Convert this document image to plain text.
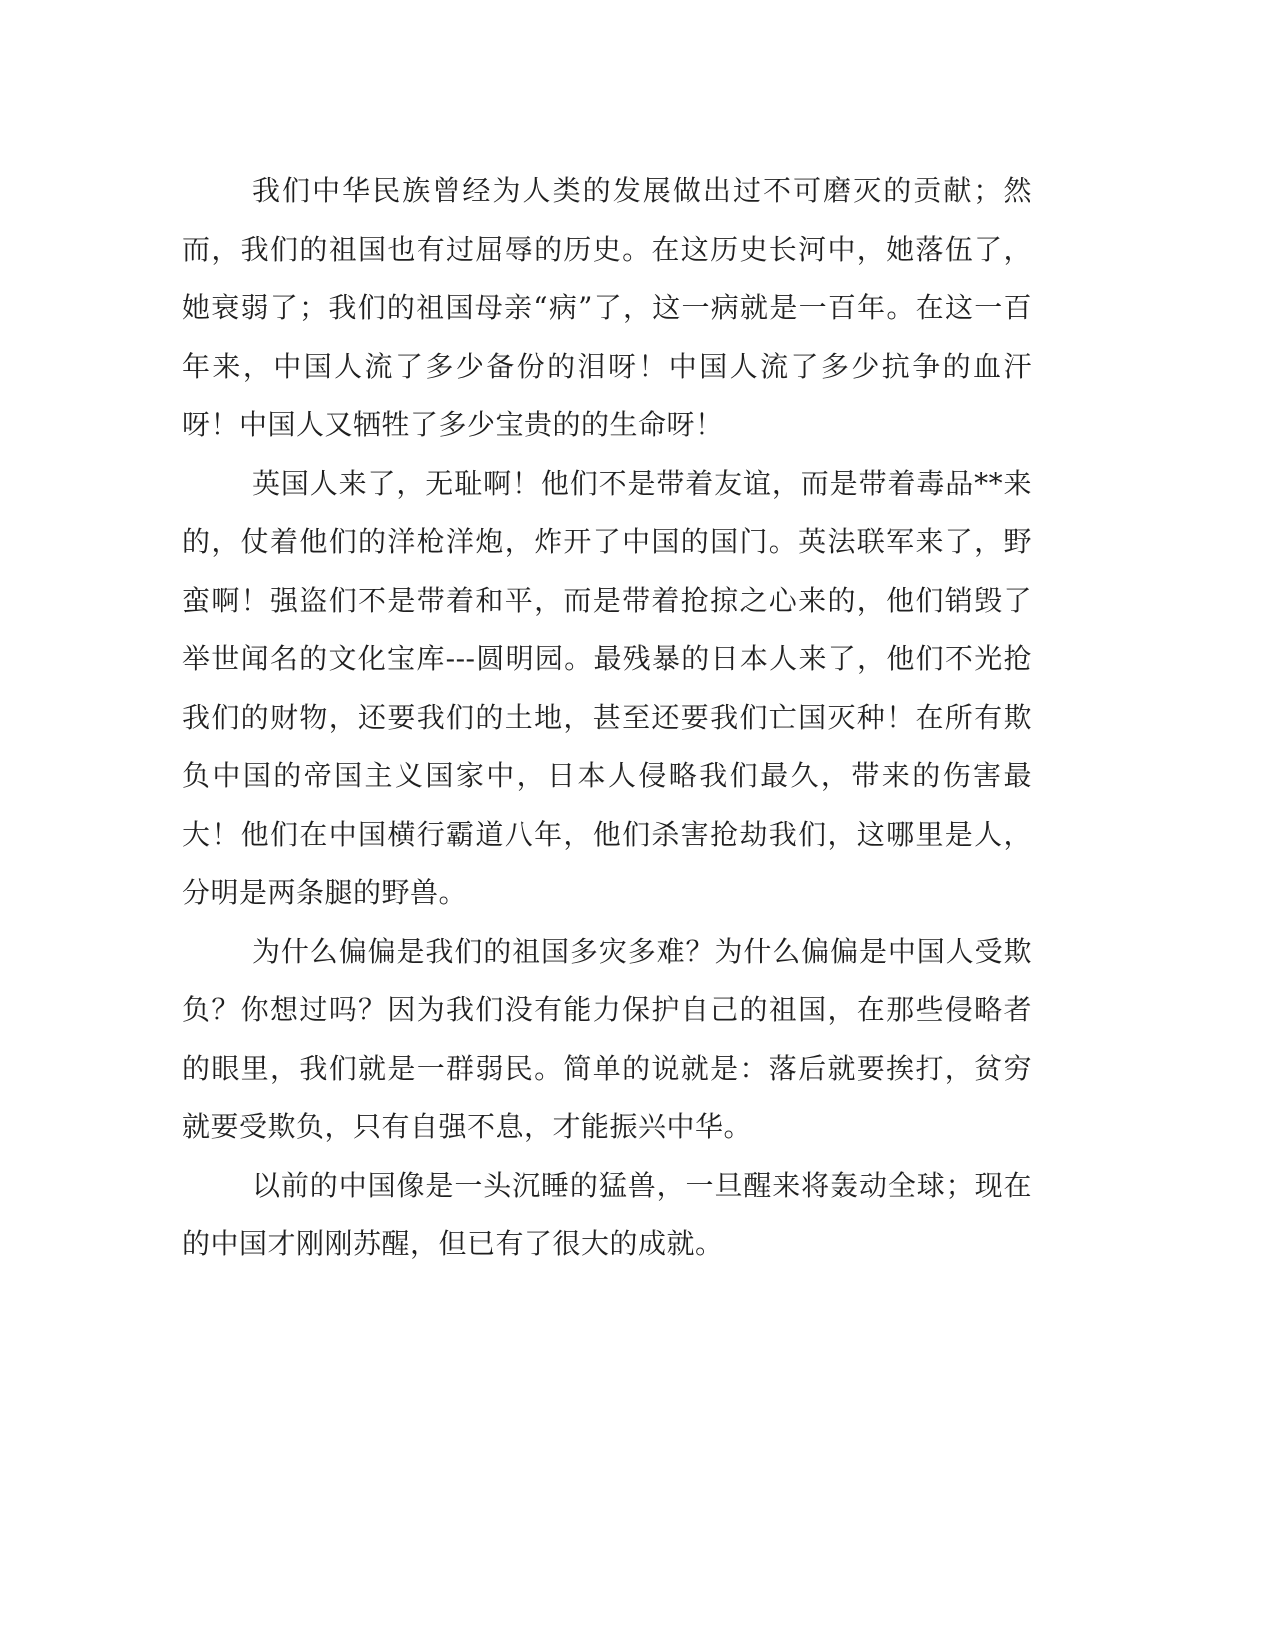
我们中华民族曾经为人类的发展做出过不可磨灭的贡献；然而，我们的祖国也有过屈辱的历史。在这历史长河中，她落伍了，她衰弱了；我们的祖国母亲“病”了，这一病就是一百年。在这一百年来，中国人流了多少备份的泪呀！中国人流了多少抗争的血汗呀！中国人又牺牲了多少宝贵的的生命呀！

英国人来了，无耻啊！他们不是带着友谊，而是带着毒品**来的，仗着他们的洋枪洋炮，炸开了中国的国门。英法联军来了，野蛮啊！强盗们不是带着和平，而是带着抢掠之心来的，他们销毁了举世闻名的文化宝库---圆明园。最残暴的日本人来了，他们不光抢我们的财物，还要我们的土地，甚至还要我们亡国灭种！在所有欺负中国的帝国主义国家中，日本人侵略我们最久，带来的伤害最大！他们在中国横行霸道八年，他们杀害抢劫我们，这哪里是人，分明是两条腿的野兽。

为什么偏偏是我们的祖国多灾多难？为什么偏偏是中国人受欺负？你想过吗？因为我们没有能力保护自己的祖国，在那些侵略者的眼里，我们就是一群弱民。简单的说就是：落后就要挨打，贫穷就要受欺负，只有自强不息，才能振兴中华。

以前的中国像是一头沉睡的猛兽，一旦醒来将轰动全球；现在的中国才刚刚苏醒，但已有了很大的成就。
